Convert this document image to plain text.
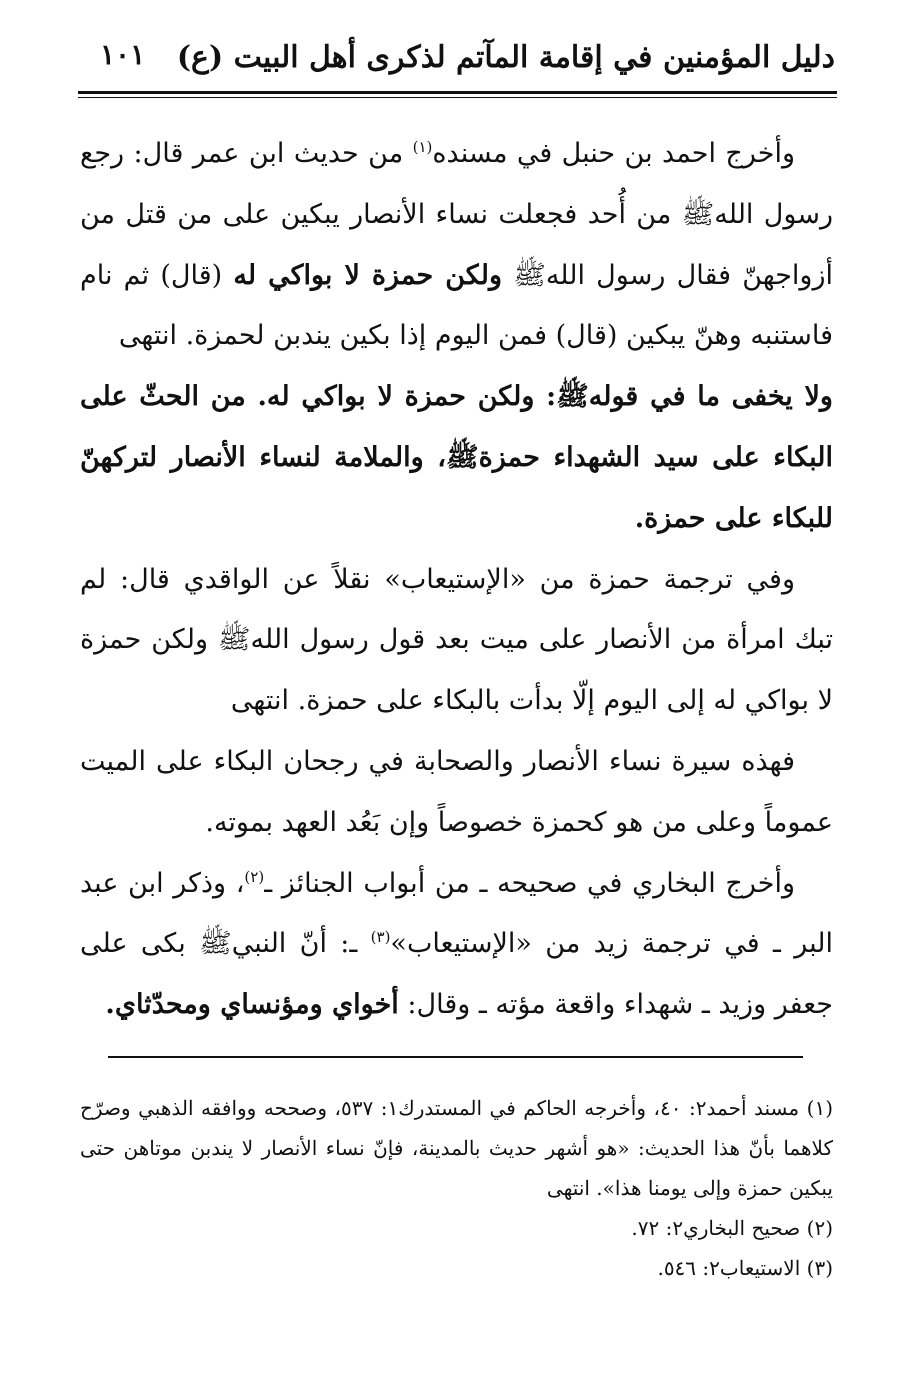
دليل المؤمنين في إقامة المآتم لذكرى أهل البيت (ع)
١٠١

وأخرج احمد بن حنبل في مسنده$^{(١)}$ من حديث ابن عمر قال: رجع رسول اللهﷺ من أُحد فجعلت نساء الأنصار يبكين على من قتل من أزواجهنّ فقال رسول اللهﷺ ولكن حمزة لا بواكي له (قال) ثم نام فاستنبه وهنّ يبكين (قال) فمن اليوم إذا بكين يندبن لحمزة. انتهى

ولا يخفى ما في قولهﷺ: ولكن حمزة لا بواكي له. من الحثّ على البكاء على سيد الشهداء حمزةﷺ، والملامة لنساء الأنصار لتركهنّ للبكاء على حمزة.

وفي ترجمة حمزة من «الإستيعاب» نقلاً عن الواقدي قال: لم تبك امرأة من الأنصار على ميت بعد قول رسول اللهﷺ ولكن حمزة لا بواكي له إلى اليوم إلّا بدأت بالبكاء على حمزة. انتهى

فهذه سيرة نساء الأنصار والصحابة في رجحان البكاء على الميت عموماً وعلى من هو كحمزة خصوصاً وإن بَعُد العهد بموته.

وأخرج البخاري في صحيحه ـ من أبواب الجنائز ـ$^{(٢)}$، وذكر ابن عبد البر ـ في ترجمة زيد من «الإستيعاب»$^{(٣)}$ ـ: أنّ النبيﷺ بكى على جعفر وزيد ـ شهداء واقعة مؤته ـ وقال: أخواي ومؤنساي ومحدّثاي.

(١) مسند أحمد٢: ٤٠، وأخرجه الحاكم في المستدرك١: ٥٣٧، وصححه ووافقه الذهبي وصرّح كلاهما بأنّ هذا الحديث: «هو أشهر حديث بالمدينة، فإنّ نساء الأنصار لا يندبن موتاهن حتى يبكين حمزة وإلى يومنا هذا». انتهى

(٢) صحيح البخاري٢: ٧٢.

(٣) الاستيعاب٢: ٥٤٦.
